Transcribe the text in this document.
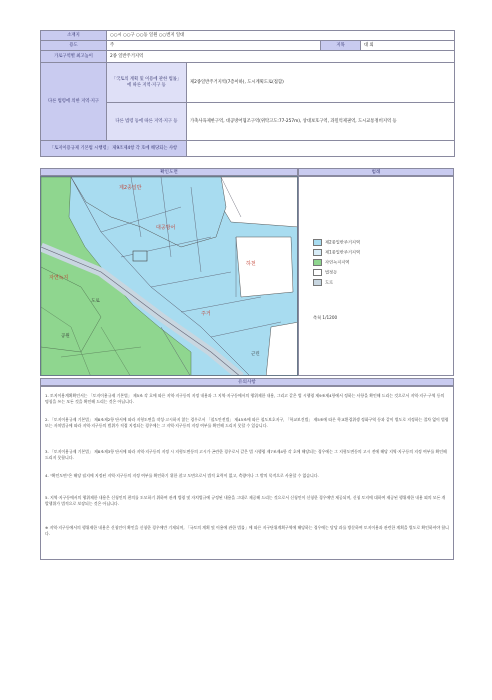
소재지	○○시 ○○구 ○○동 일원 ○○번지 일대			
용도	주		지목	대 외
가로구역별 최고높이	2종 일반주거지역			
다른 법령에 의한 지역·지구	「국토의 계획 및 이용에 관한 법률」에 따른 지역·지구 등	제2종일반주거지역(7층이하), 도시계획도로(접함)		
	다른 법령 등에 따른 지역·지구 등	가축사육제한구역, 대공방어협조구역(위탁고도:77-257m), 상대보호구역, 과밀억제권역, 도시교통정비지역 등		
「토지이용규제 기본법 시행령」 제9조제4항 각 호에 해당되는 사항				
확인도면	범례
제2종일반
자연녹지
대공방어
도로
하천
공원
주거
근린
제2종일반주거지역
제1종일반주거지역
자연녹지지역
법정동
도로
축척 1/1200
유의사항
1. 토지이용계획확인서는 「토지이용규제 기본법」 제5조 각 호에 따른 지역·지구등의 지정 내용과 그 지역·지구등에서의 행위제한 내용, 그리고 같은 법 시행령 제9조제4항에서 정하는 사항을 확인해 드리는 것으로서 지역·지구·구역 등의 명칭을 쓰는 모든 것을 확인해 드리는 것은 아닙니다.
2. 「토지이용규제 기본법」 제8조제2항 단서에 따라 지형도면을 작성·고시하지 않는 경우로서 「철도안전법」 제45조에 따른 철도보호지구, 「학교보건법」 제5조에 따른 학교환경위생 정화구역 등과 같이 별도로 지정하는 절차 없이 법령 또는 자치법규에 따라 지역·지구등의 범위가 직접 지정되는 경우에는 그 지역·지구등의 지정 여부를 확인해 드리지 못할 수 있습니다.
3. 「토지이용규제 기본법」 제8조제3항 단서에 따라 지역·지구등의 지정 시 지형도면등의 고시가 곤란한 경우로서 같은 법 시행령 제7조제4항 각 호에 해당되는 경우에는 그 지형도면등의 고시 전에 해당 지역·지구등의 지정 여부를 확인해 드리지 못합니다.
4. "확인도면"은 해당 필지에 지정된 지역·지구등의 지정 여부를 확인하기 위한 참고 도면으로서 법적 효력이 없고, 측량이나 그 밖의 목적으로 사용할 수 없습니다.
5. 지역·지구등에서의 행위제한 내용은 신청인의 편의를 도모하기 위하여 관계 법령 및 자치법규에 규정된 내용을 그대로 제공해 드리는 것으로서 신청인이 신청한 경우에만 제공되며, 신청 토지에 대하여 제공된 행위제한 내용 외의 모든 개발행위가 법적으로 보장되는 것은 아닙니다.
※ 지역·지구등에서의 행위제한 내용은 신청인이 확인을 신청한 경우에만 기재되며, 「국토의 계획 및 이용에 관한 법률」에 따른 지구단위계획구역에 해당하는 경우에는 담당 과를 방문하여 토지이용과 관련한 계획을 별도로 확인하셔야 합니다.
